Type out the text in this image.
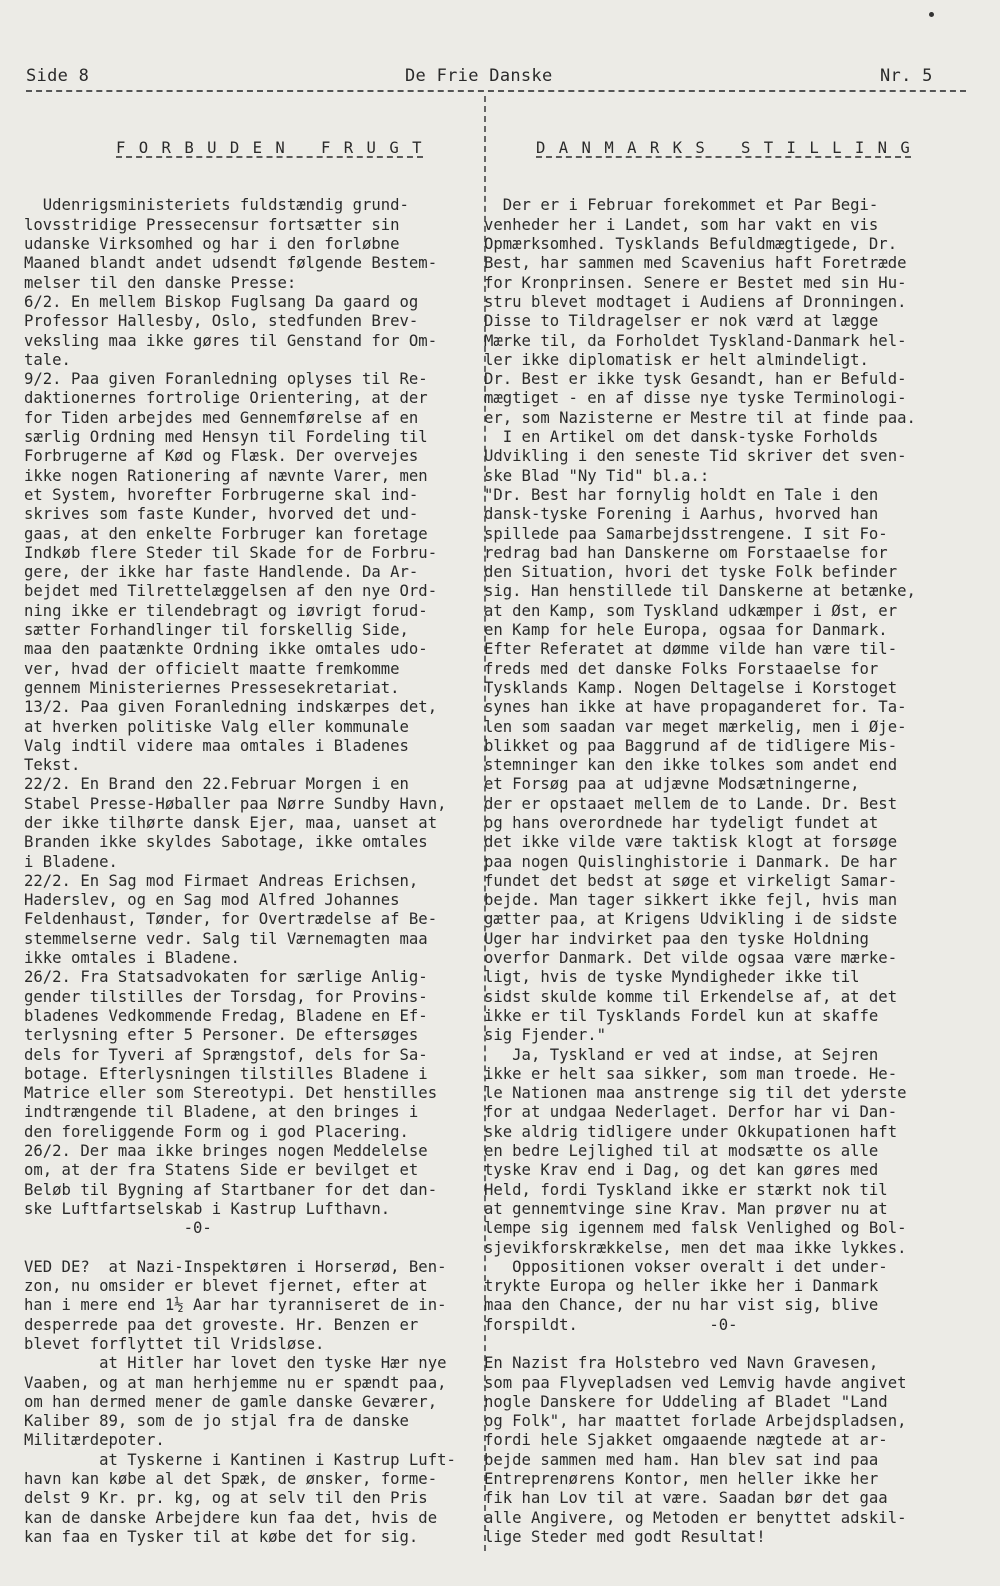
Side 8	De Frie Danske	Nr. 5

F O R B U D E N   F R U G T

Udenrigsministeriets fuldstændig grund-
lovsstridige Pressecensur fortsætter sin
udanske Virksomhed og har i den forløbne
Maaned blandt andet udsendt følgende Bestem-
melser til den danske Presse:
6/2. En mellem Biskop Fuglsang Da gaard og
Professor Hallesby, Oslo, stedfunden Brev-
veksling maa ikke gøres til Genstand for Om-
tale.
9/2. Paa given Foranledning oplyses til Re-
daktionernes fortrolige Orientering, at der
for Tiden arbejdes med Gennemførelse af en
særlig Ordning med Hensyn til Fordeling til
Forbrugerne af Kød og Flæsk. Der overvejes
ikke nogen Rationering af nævnte Varer, men
et System, hvorefter Forbrugerne skal ind-
skrives som faste Kunder, hvorved det und-
gaas, at den enkelte Forbruger kan foretage
Indkøb flere Steder til Skade for de Forbru-
gere, der ikke har faste Handlende. Da Ar-
bejdet med Tilrettelæggelsen af den nye Ord-
ning ikke er tilendebragt og iøvrigt forud-
sætter Forhandlinger til forskellig Side,
maa den paatænkte Ordning ikke omtales udo-
ver, hvad der officielt maatte fremkomme
gennem Ministeriernes Pressesekretariat.
13/2. Paa given Foranledning indskærpes det,
at hverken politiske Valg eller kommunale
Valg indtil videre maa omtales i Bladenes
Tekst.
22/2. En Brand den 22.Februar Morgen i en
Stabel Presse-Høballer paa Nørre Sundby Havn,
der ikke tilhørte dansk Ejer, maa, uanset at
Branden ikke skyldes Sabotage, ikke omtales
i Bladene.
22/2. En Sag mod Firmaet Andreas Erichsen,
Haderslev, og en Sag mod Alfred Johannes
Feldenhaust, Tønder, for Overtrædelse af Be-
stemmelserne vedr. Salg til Værnemagten maa
ikke omtales i Bladene.
26/2. Fra Statsadvokaten for særlige Anlig-
gender tilstilles der Torsdag, for Provins-
bladenes Vedkommende Fredag, Bladene en Ef-
terlysning efter 5 Personer. De eftersøges
dels for Tyveri af Sprængstof, dels for Sa-
botage. Efterlysningen tilstilles Bladene i
Matrice eller som Stereotypi. Det henstilles
indtrængende til Bladene, at den bringes i
den foreliggende Form og i god Placering.
26/2. Der maa ikke bringes nogen Meddelelse
om, at der fra Statens Side er bevilget et
Beløb til Bygning af Startbaner for det dan-
ske Luftfartselskab i Kastrup Lufthavn.
-0-
VED DE?  at Nazi-Inspektøren i Horserød, Ben-
zon, nu omsider er blevet fjernet, efter at
han i mere end 1½ Aar har tyranniseret de in-
desperrede paa det groveste. Hr. Benzen er
blevet forflyttet til Vridsløse.
at Hitler har lovet den tyske Hær nye
Vaaben, og at man herhjemme nu er spændt paa,
om han dermed mener de gamle danske Geværer,
Kaliber 89, som de jo stjal fra de danske
Militærdepoter.
at Tyskerne i Kantinen i Kastrup Luft-
havn kan købe al det Spæk, de ønsker, forme-
delst 9 Kr. pr. kg, og at selv til den Pris
kan de danske Arbejdere kun faa det, hvis de
kan faa en Tysker til at købe det for sig.

D A N M A R K S   S T I L L I N G

Der er i Februar forekommet et Par Begi-
venheder her i Landet, som har vakt en vis
Opmærksomhed. Tysklands Befuldmægtigede, Dr.
Best, har sammen med Scavenius haft Foretræde
for Kronprinsen. Senere er Bestet med sin Hu-
stru blevet modtaget i Audiens af Dronningen.
Disse to Tildragelser er nok værd at lægge
Mærke til, da Forholdet Tyskland-Danmark hel-
ler ikke diplomatisk er helt almindeligt.
Dr. Best er ikke tysk Gesandt, han er Befuld-
mægtiget - en af disse nye tyske Terminologi-
er, som Nazisterne er Mestre til at finde paa.
I en Artikel om det dansk-tyske Forholds
Udvikling i den seneste Tid skriver det sven-
ske Blad "Ny Tid" bl.a.:
"Dr. Best har fornylig holdt en Tale i den
dansk-tyske Forening i Aarhus, hvorved han
spillede paa Samarbejdsstrengene. I sit Fo-
redrag bad han Danskerne om Forstaaelse for
den Situation, hvori det tyske Folk befinder
sig. Han henstillede til Danskerne at betænke,
at den Kamp, som Tyskland udkæmper i Øst, er
en Kamp for hele Europa, ogsaa for Danmark.
Efter Referatet at dømme vilde han være til-
freds med det danske Folks Forstaaelse for
Tysklands Kamp. Nogen Deltagelse i Korstoget
synes han ikke at have propaganderet for. Ta-
len som saadan var meget mærkelig, men i Øje-
blikket og paa Baggrund af de tidligere Mis-
stemninger kan den ikke tolkes som andet end
et Forsøg paa at udjævne Modsætningerne,
der er opstaaet mellem de to Lande. Dr. Best
og hans overordnede har tydeligt fundet at
det ikke vilde være taktisk klogt at forsøge
paa nogen Quislinghistorie i Danmark. De har
fundet det bedst at søge et virkeligt Samar-
bejde. Man tager sikkert ikke fejl, hvis man
gætter paa, at Krigens Udvikling i de sidste
Uger har indvirket paa den tyske Holdning
overfor Danmark. Det vilde ogsaa være mærke-
ligt, hvis de tyske Myndigheder ikke til
sidst skulde komme til Erkendelse af, at det
ikke er til Tysklands Fordel kun at skaffe
sig Fjender."
Ja, Tyskland er ved at indse, at Sejren
ikke er helt saa sikker, som man troede. He-
le Nationen maa anstrenge sig til det yderste
for at undgaa Nederlaget. Derfor har vi Dan-
ske aldrig tidligere under Okkupationen haft
en bedre Lejlighed til at modsætte os alle
tyske Krav end i Dag, og det kan gøres med
Held, fordi Tyskland ikke er stærkt nok til
at gennemtvinge sine Krav. Man prøver nu at
lempe sig igennem med falsk Venlighed og Bol-
sjevikforskrækkelse, men det maa ikke lykkes.
Oppositionen vokser overalt i det under-
trykte Europa og heller ikke her i Danmark
maa den Chance, der nu har vist sig, blive
forspildt.              -0-
En Nazist fra Holstebro ved Navn Gravesen,
som paa Flyvepladsen ved Lemvig havde angivet
nogle Danskere for Uddeling af Bladet "Land
og Folk", har maattet forlade Arbejdspladsen,
fordi hele Sjakket omgaaende nægtede at ar-
bejde sammen med ham. Han blev sat ind paa
Entreprenørens Kontor, men heller ikke her
fik han Lov til at være. Saadan bør det gaa
alle Angivere, og Metoden er benyttet adskil-
lige Steder med godt Resultat!
